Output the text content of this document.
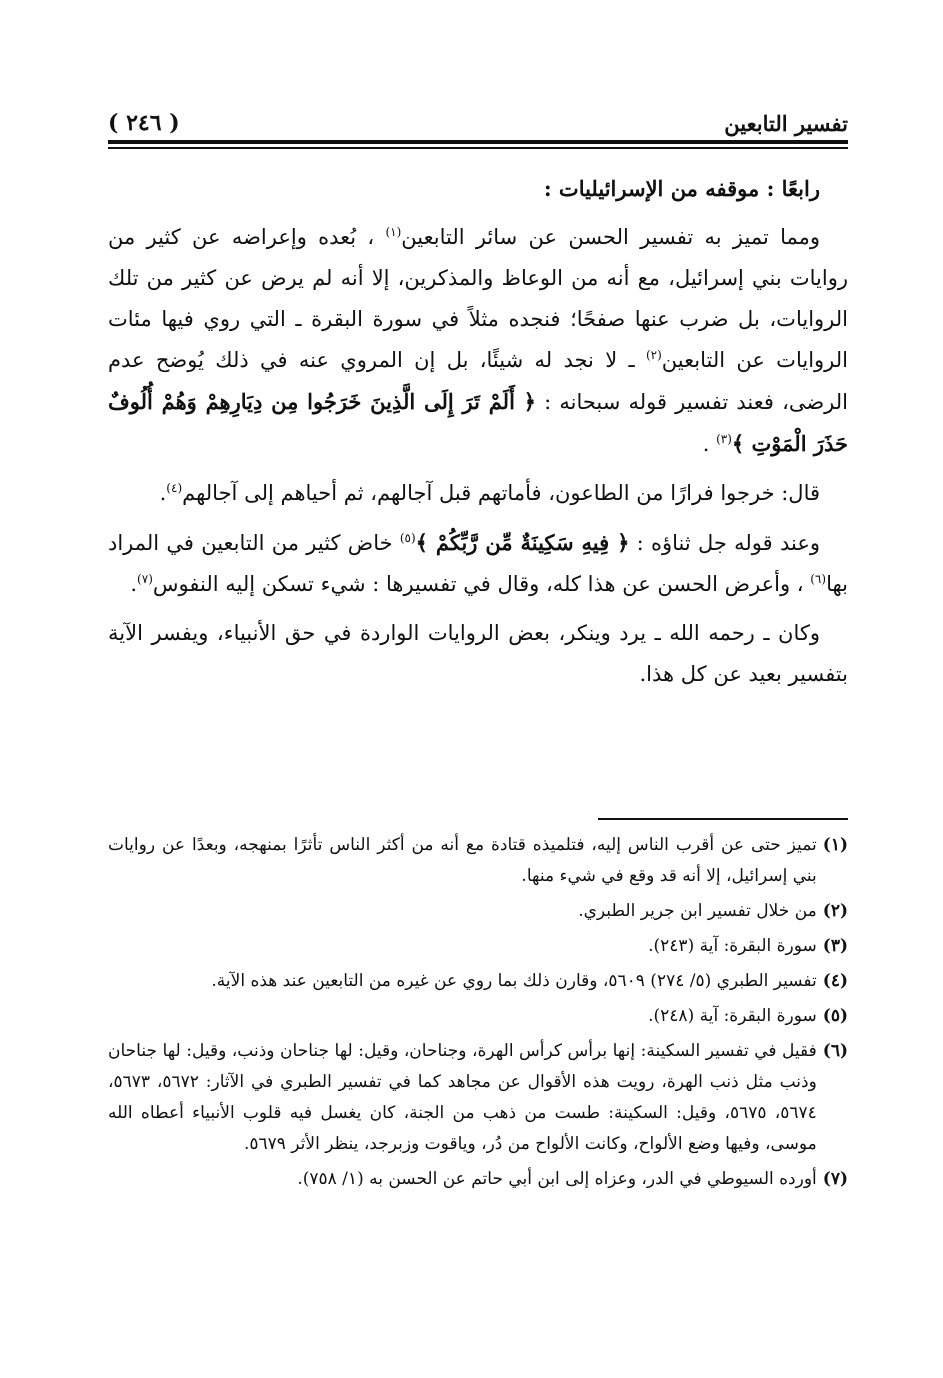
( ٢٤٦ )	تفسير التابعين

رابعًا : موقفه من الإسرائيليات :

ومما تميز به تفسير الحسن عن سائر التابعين$^{(١)}$ ، بُعده وإعراضه عن كثير من روايات بني إسرائيل، مع أنه من الوعاظ والمذكرين، إلا أنه لم يرض عن كثير من تلك الروايات، بل ضرب عنها صفحًا؛ فنجده مثلاً في سورة البقرة ـ التي روي فيها مئات الروايات عن التابعين$^{(٢)}$ ـ لا نجد له شيئًا، بل إن المروي عنه في ذلك يُوضح عدم الرضى، فعند تفسير قوله سبحانه : ﴿ أَلَمْ تَرَ إِلَى الَّذِينَ خَرَجُوا مِن دِيَارِهِمْ وَهُمْ أُلُوفٌ حَذَرَ الْمَوْتِ ﴾$^{(٣)}$ .

قال: خرجوا فرارًا من الطاعون، فأماتهم قبل آجالهم، ثم أحياهم إلى آجالهم$^{(٤)}$.

وعند قوله جل ثناؤه : ﴿ فِيهِ سَكِينَةٌ مِّن رَّبِّكُمْ ﴾$^{(٥)}$ خاض كثير من التابعين في المراد بها$^{(٦)}$ ، وأعرض الحسن عن هذا كله، وقال في تفسيرها : شيء تسكن إليه النفوس$^{(٧)}$.

وكان ـ رحمه الله ـ يرد وينكر، بعض الروايات الواردة في حق الأنبياء، ويفسر الآية بتفسير بعيد عن كل هذا.

(١)
تميز حتى عن أقرب الناس إليه، فتلميذه قتادة مع أنه من أكثر الناس تأثرًا بمنهجه، وبعدًا عن روايات بني إسرائيل، إلا أنه قد وقع في شيء منها.
(٢)
من خلال تفسير ابن جرير الطبري.
(٣)
سورة البقرة: آية (٢٤٣).
(٤)
تفسير الطبري (٥/ ٢٧٤) ٥٦٠٩، وقارن ذلك بما روي عن غيره من التابعين عند هذه الآية.
(٥)
سورة البقرة: آية (٢٤٨).
(٦)
فقيل في تفسير السكينة: إنها برأس كرأس الهرة، وجناحان، وقيل: لها جناحان وذنب، وقيل: لها جناحان وذنب مثل ذنب الهرة، رويت هذه الأقوال عن مجاهد كما في تفسير الطبري في الآثار: ٥٦٧٢، ٥٦٧٣، ٥٦٧٤، ٥٦٧٥، وقيل: السكينة: طست من ذهب من الجنة، كان يغسل فيه قلوب الأنبياء أعطاه الله موسى، وفيها وضع الألواح، وكانت الألواح من دُر، وياقوت وزبرجد، ينظر الأثر ٥٦٧٩.
(٧)
أورده السيوطي في الدر، وعزاه إلى ابن أبي حاتم عن الحسن به (١/ ٧٥٨).
